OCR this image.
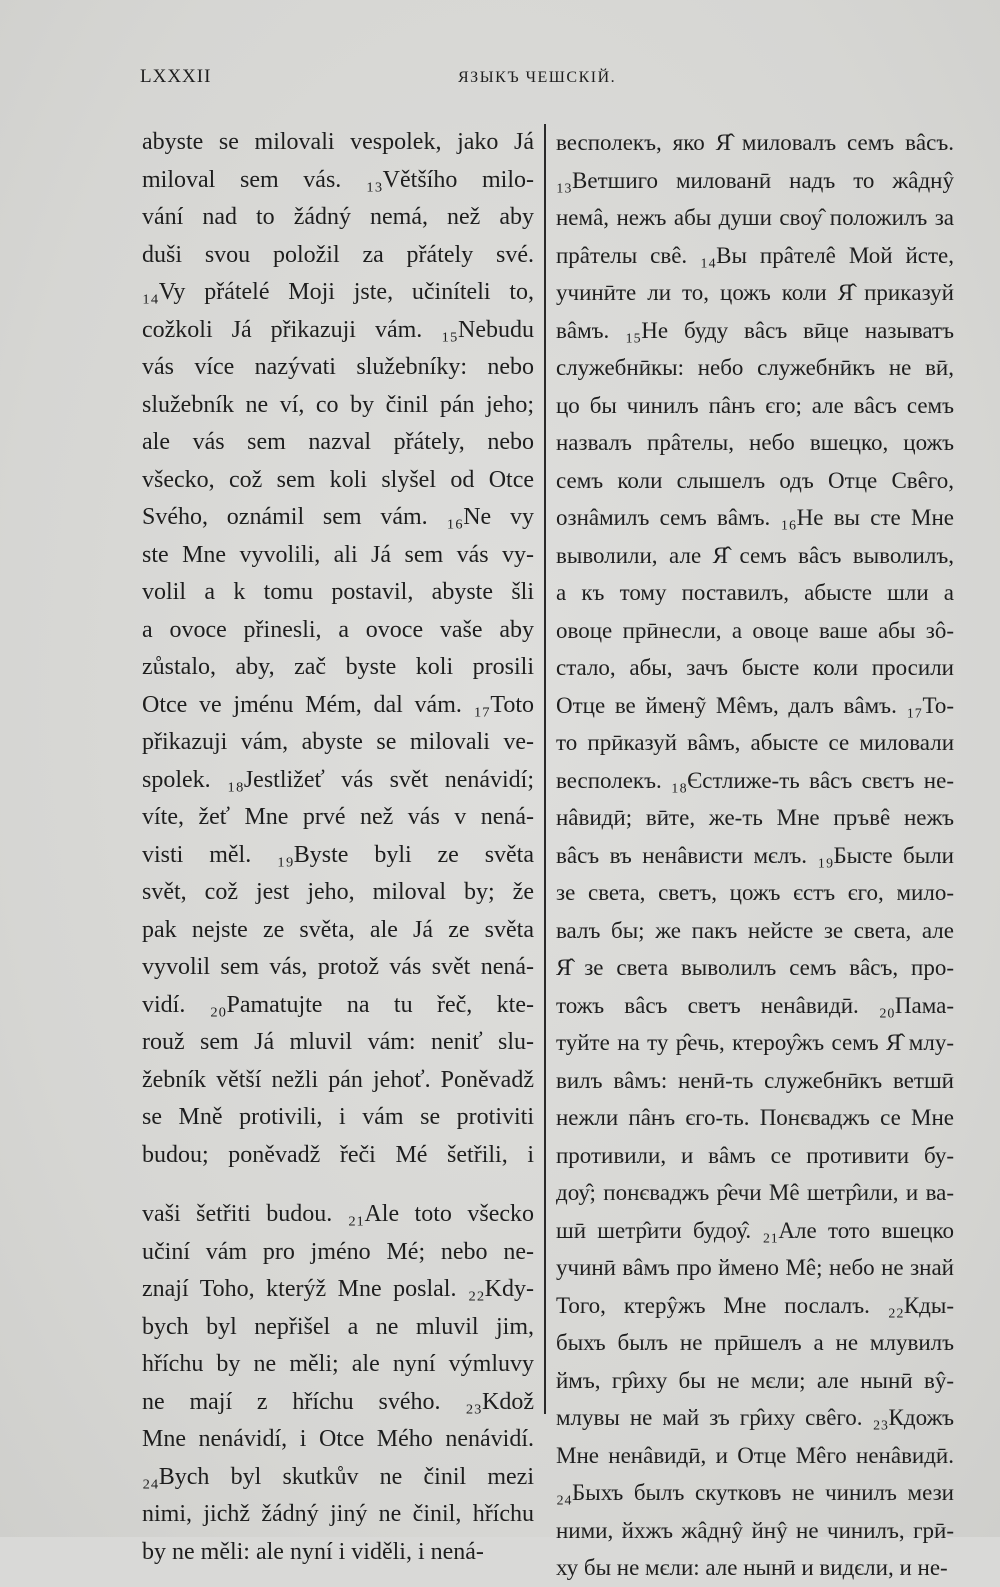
LXXXII	ЯЗЫКЪ ЧЕШСКІЙ.
abyste se milovali vespolek, jako Já
miloval sem vás. ₁₃Většího milo-
vání nad to žádný nemá, než aby
duši svou položil za přátely své.
₁₄Vy přátelé Moji jste, učiníteli to,
cožkoli Já přikazuji vám. ₁₅Nebudu
vás více nazývati služebníky: nebo
služebník ne ví, co by činil pán jeho;
ale vás sem nazval přátely, nebo
všecko, což sem koli slyšel od Otce
Svého, oznámil sem vám. ₁₆Ne vy
ste Mne vyvolili, ali Já sem vás vy-
volil a k tomu postavil, abyste šli
a ovoce přinesli, a ovoce vaše aby
zůstalo, aby, zač byste koli prosili
Otce ve jménu Mém, dal vám. ₁₇Toto
přikazuji vám, abyste se milovali ve-
spolek. ₁₈Jestližeť vás svět nenávidí;
víte, žeť Mne prvé než vás v nená-
visti měl. ₁₉Byste byli ze světa
svět, což jest jeho, miloval by; že
pak nejste ze světa, ale Já ze světa
vyvolil sem vás, protož vás svět nená-
vidí. ₂₀Pamatujte na tu řeč, kte-
rouž sem Já mluvil vám: neniť slu-
žebník větší nežli pán jehoť. Poněvadž
se Mně protivili, i vám se protiviti
budou; poněvadž řeči Mé šetřili, i
vaši šetřiti budou. ₂₁Ale toto všecko
učiní vám pro jméno Mé; nebo ne-
znají Toho, kterýž Mne poslal. ₂₂Kdy-
bych byl nepřišel a ne mluvil jim,
hříchu by ne měli; ale nyní výmluvy
ne mají z hříchu svého. ₂₃Kdož
Mne nenávidí, i Otce Mého nenávidí.
₂₄Bych byl skutkův ne činil mezi
nimi, jichž žádný jiný ne činil, hříchu
by ne měli: ale nyní i viděli, i nená-
весполекъ, яко Я̂ миловалъ семъ вâсъ.
₁₃Ветшиго милованӣ надъ то жâднŷ
немâ, нежъ абы души своу̂ положилъ за
прâтелы свê. ₁₄Вы прâтелê Мой йсте,
учинӣте ли то, цожъ коли Я̂ прикaзуй
вâмъ. ₁₅Не буду вâсъ вӣце называтъ
служебнӣкы: небо служебнӣкъ не вӣ,
цо бы чинилъ пâнъ єго; але вâсъ семъ
назвалъ прâтелы, небо вшецко, цожъ
семъ коли слышелъ одъ Отце Свêго,
ознâмилъ семъ вâмъ. ₁₆Не вы сте Мне
выволили, але Я̂ семъ вâсъ выволилъ,
а къ тому поставилъ, абысте шли а
овоце прӣнесли, а овоце ваше абы зô-
стало, абы, зачъ бысте коли просили
Отце ве йменỹ Мêмъ, далъ вâмъ. ₁₇То-
то прӣказуй вâмъ, абысте се миловали
весполекъ. ₁₈Єстлиже-ть вâсъ свєтъ не-
нâвидӣ; вӣте, же-ть Мне пръвê нежъ
вâсъ въ ненâвисти мєлъ. ₁₉Бысте были
зе света, светъ, цожъ єстъ єго, мило-
валъ бы; же пакъ нейсте зе света, але
Я̂ зе света выволилъ семъ вâсъ, про-
тожъ вâсъ светъ ненâвидӣ. ₂₀Пама-
туйте на ту р̂ечь, ктероу̂жъ семъ Я̂ млу-
вилъ вâмъ: ненӣ-ть служебнӣкъ ветшӣ
нежли пâнъ єго-ть. Понєваджъ се Мне
противили, и вâмъ се противити бу-
доу̂; понєваджъ р̂ечи Мê шетр̂или, и ва-
шӣ шетр̂ити будоу̂. ₂₁Але тото вшецко
учинӣ вâмъ про йменo Мê; небо не знай
Того, ктерŷжъ Мне послалъ. ₂₂Кды-
быхъ былъ не прӣшелъ а не млувилъ
ймъ, гр̂иху бы не мєли; але нынӣ вŷ-
млувы не май зъ гр̂иху свêго. ₂₃Кдожъ
Мне ненâвидӣ, и Отце Мêго ненâвидӣ.
₂₄Быхъ былъ скутковъ не чинилъ мези
ними, йхжъ жâднŷ йнŷ не чинилъ, грӣ-
ху бы не мєли: але нынӣ и видєли, и не-
